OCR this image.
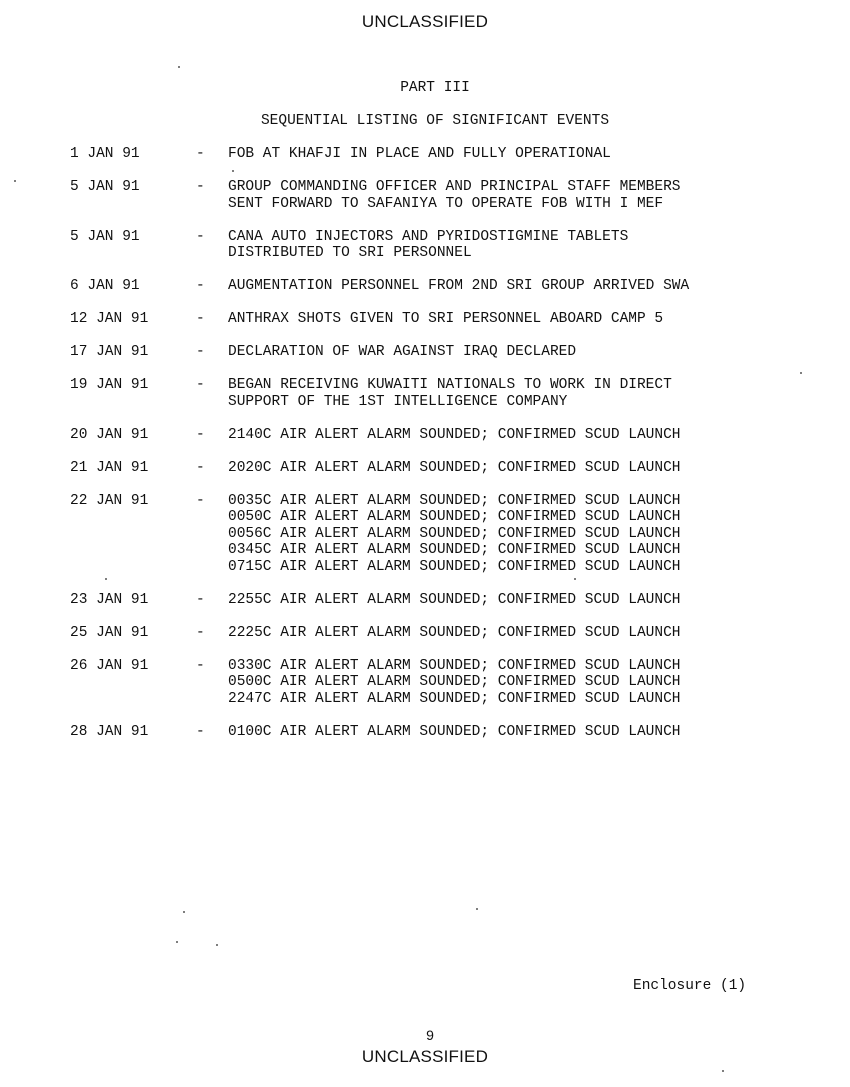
UNCLASSIFIED
PART III
SEQUENTIAL LISTING OF SIGNIFICANT EVENTS
1 JAN 91	-	FOB AT KHAFJI IN PLACE AND FULLY OPERATIONAL
5 JAN 91	-	GROUP COMMANDING OFFICER AND PRINCIPAL STAFF MEMBERS
SENT FORWARD TO SAFANIYA TO OPERATE FOB WITH I MEF
5 JAN 91	-	CANA AUTO INJECTORS AND PYRIDOSTIGMINE TABLETS
DISTRIBUTED TO SRI PERSONNEL
6 JAN 91	-	AUGMENTATION PERSONNEL FROM 2ND SRI GROUP ARRIVED SWA
12 JAN 91	-	ANTHRAX SHOTS GIVEN TO SRI PERSONNEL ABOARD CAMP 5
17 JAN 91	-	DECLARATION OF WAR AGAINST IRAQ DECLARED
19 JAN 91	-	BEGAN RECEIVING KUWAITI NATIONALS TO WORK IN DIRECT
SUPPORT OF THE 1ST INTELLIGENCE COMPANY
20 JAN 91	-	2140C AIR ALERT ALARM SOUNDED; CONFIRMED SCUD LAUNCH
21 JAN 91	-	2020C AIR ALERT ALARM SOUNDED; CONFIRMED SCUD LAUNCH
22 JAN 91	-	0035C AIR ALERT ALARM SOUNDED; CONFIRMED SCUD LAUNCH
0050C AIR ALERT ALARM SOUNDED; CONFIRMED SCUD LAUNCH
0056C AIR ALERT ALARM SOUNDED; CONFIRMED SCUD LAUNCH
0345C AIR ALERT ALARM SOUNDED; CONFIRMED SCUD LAUNCH
0715C AIR ALERT ALARM SOUNDED; CONFIRMED SCUD LAUNCH
23 JAN 91	-	2255C AIR ALERT ALARM SOUNDED; CONFIRMED SCUD LAUNCH
25 JAN 91	-	2225C AIR ALERT ALARM SOUNDED; CONFIRMED SCUD LAUNCH
26 JAN 91	-	0330C AIR ALERT ALARM SOUNDED; CONFIRMED SCUD LAUNCH
0500C AIR ALERT ALARM SOUNDED; CONFIRMED SCUD LAUNCH
2247C AIR ALERT ALARM SOUNDED; CONFIRMED SCUD LAUNCH
28 JAN 91	-	0100C AIR ALERT ALARM SOUNDED; CONFIRMED SCUD LAUNCH
Enclosure (1)
9
UNCLASSIFIED
